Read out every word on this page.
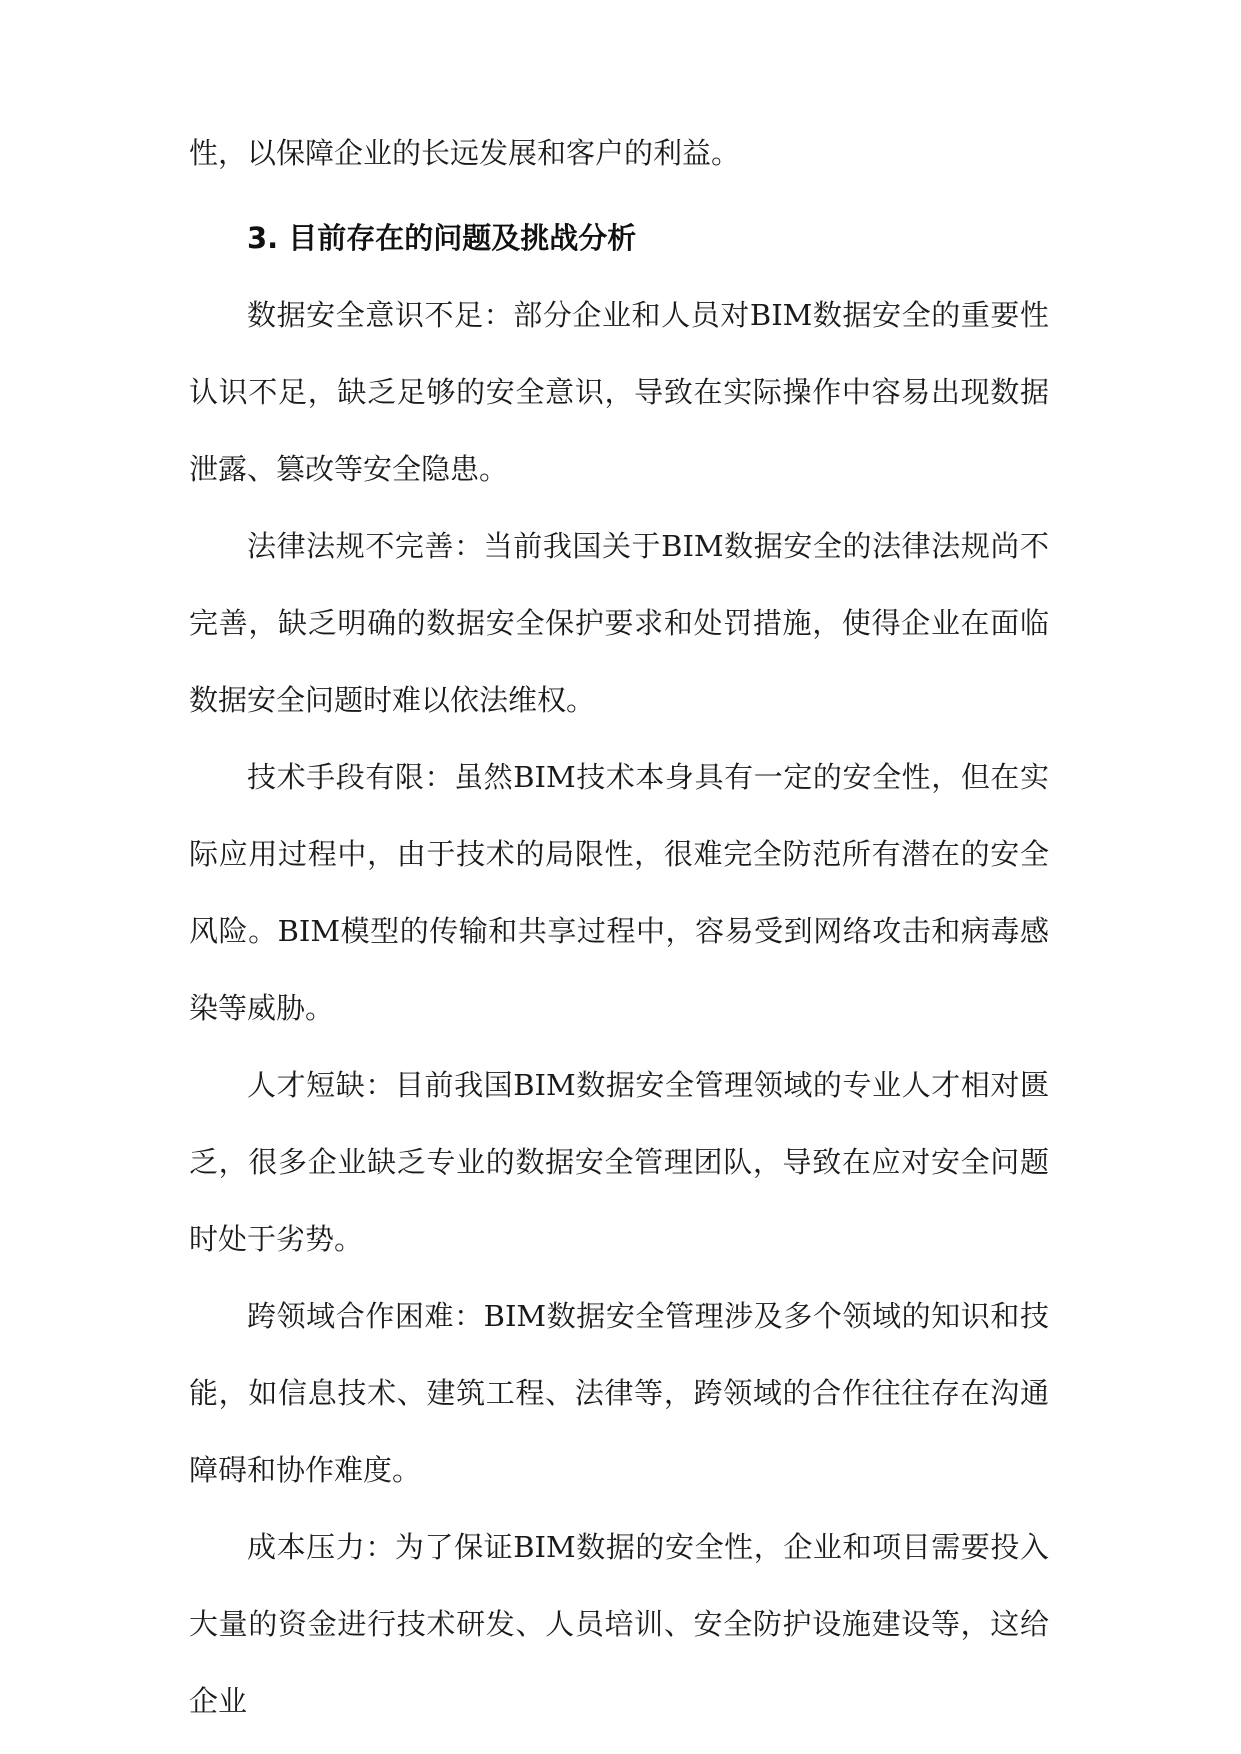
性，以保障企业的长远发展和客户的利益。

3. 目前存在的问题及挑战分析

数据安全意识不足：部分企业和人员对BIM数据安全的重要性认识不足，缺乏足够的安全意识，导致在实际操作中容易出现数据泄露、篡改等安全隐患。

法律法规不完善：当前我国关于BIM数据安全的法律法规尚不完善，缺乏明确的数据安全保护要求和处罚措施，使得企业在面临数据安全问题时难以依法维权。

技术手段有限：虽然BIM技术本身具有一定的安全性，但在实际应用过程中，由于技术的局限性，很难完全防范所有潜在的安全风险。BIM模型的传输和共享过程中，容易受到网络攻击和病毒感染等威胁。

人才短缺：目前我国BIM数据安全管理领域的专业人才相对匮乏，很多企业缺乏专业的数据安全管理团队，导致在应对安全问题时处于劣势。

跨领域合作困难：BIM数据安全管理涉及多个领域的知识和技能，如信息技术、建筑工程、法律等，跨领域的合作往往存在沟通障碍和协作难度。

成本压力：为了保证BIM数据的安全性，企业和项目需要投入大量的资金进行技术研发、人员培训、安全防护设施建设等，这给企业
